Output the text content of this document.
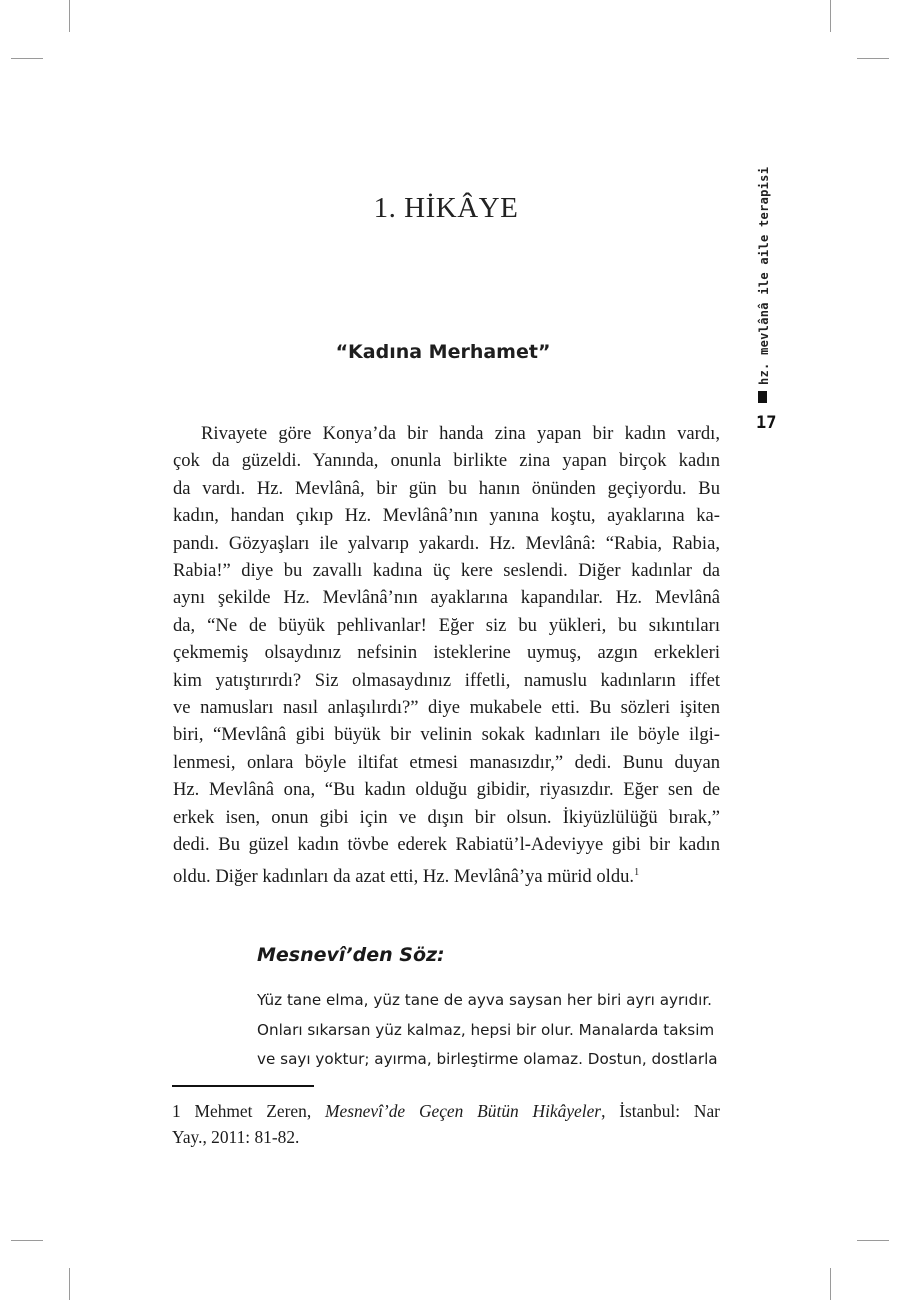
1. HİKÂYE	hz. mevlânâ ile aile terapisi
17
“Kadına Merhamet”
Rivayete göre Konya’da bir handa zina yapan bir kadın vardı,
çok da güzeldi. Yanında, onunla birlikte zina yapan birçok kadın
da vardı. Hz. Mevlânâ, bir gün bu hanın önünden geçiyordu. Bu
kadın, handan çıkıp Hz. Mevlânâ’nın yanına koştu, ayaklarına ka-
pandı. Gözyaşları ile yalvarıp yakardı. Hz. Mevlânâ: “Rabia, Rabia,
Rabia!” diye bu zavallı kadına üç kere seslendi. Diğer kadınlar da
aynı şekilde Hz. Mevlânâ’nın ayaklarına kapandılar. Hz. Mevlânâ
da, “Ne de büyük pehlivanlar! Eğer siz bu yükleri, bu sıkıntıları
çekmemiş olsaydınız nefsinin isteklerine uymuş, azgın erkekleri
kim yatıştırırdı? Siz olmasaydınız iffetli, namuslu kadınların iffet
ve namusları nasıl anlaşılırdı?” diye mukabele etti. Bu sözleri işiten
biri, “Mevlânâ gibi büyük bir velinin sokak kadınları ile böyle ilgi-
lenmesi, onlara böyle iltifat etmesi manasızdır,” dedi. Bunu duyan
Hz. Mevlânâ ona, “Bu kadın olduğu gibidir, riyasızdır. Eğer sen de
erkek isen, onun gibi için ve dışın bir olsun. İkiyüzlülüğü bırak,”
dedi. Bu güzel kadın tövbe ederek Rabiatü’l-Adeviyye gibi bir kadın
oldu. Diğer kadınları da azat etti, Hz. Mevlânâ’ya mürid oldu.$^1$
Mesnevî’den Söz:
Yüz tane elma, yüz tane de ayva saysan her biri ayrı ayrıdır.
Onları sıkarsan yüz kalmaz, hepsi bir olur. Manalarda taksim
ve sayı yoktur; ayırma, birleştirme olamaz. Dostun, dostlarla
1 Mehmet Zeren, Mesnevî’de Geçen Bütün Hikâyeler, İstanbul: Nar
Yay., 2011: 81-82.
